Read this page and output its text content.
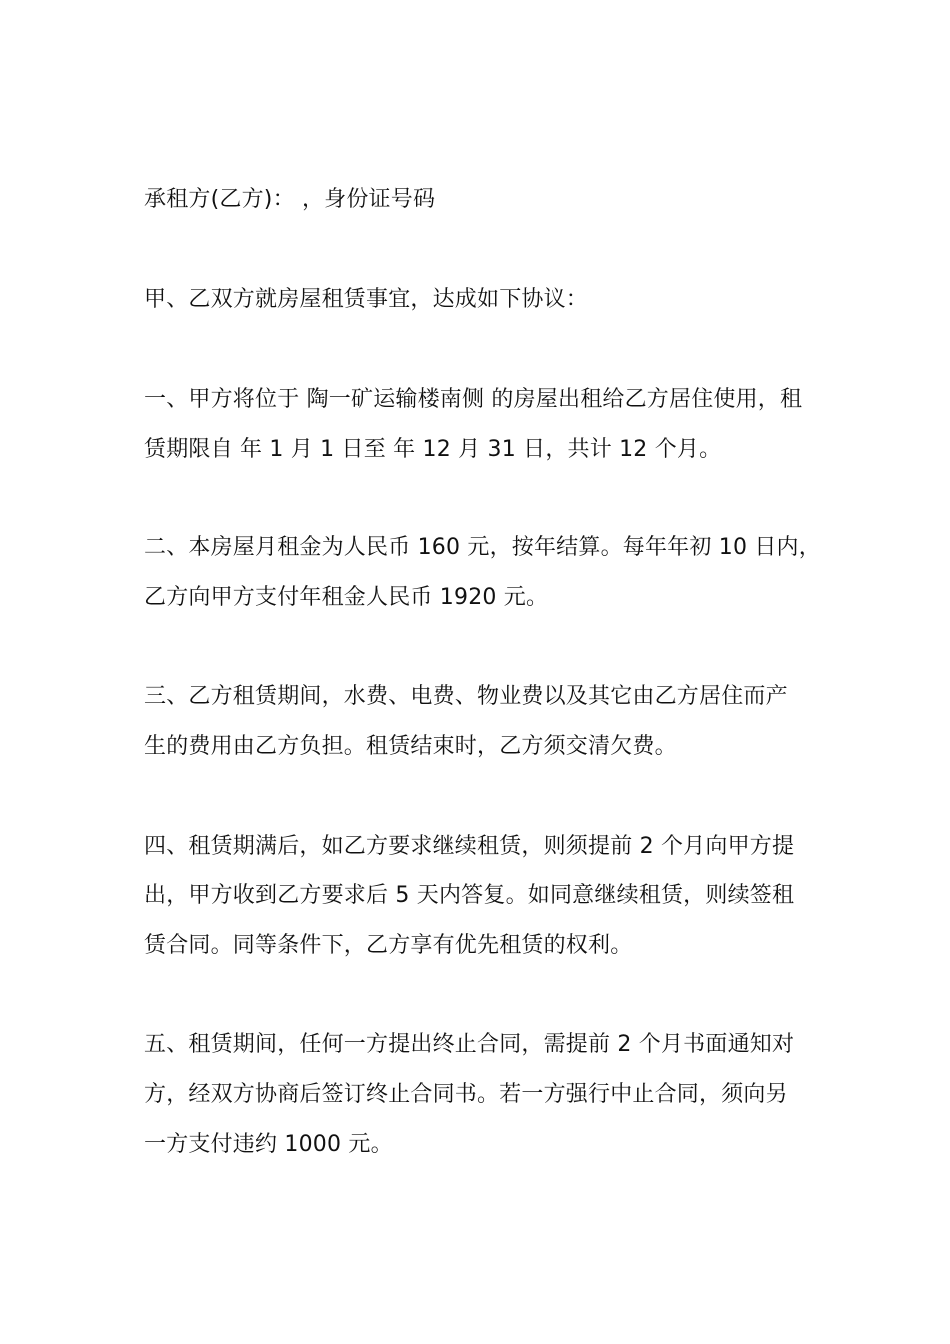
承租方(乙方)： ，身份证号码
甲、乙双方就房屋租赁事宜，达成如下协议：
一、甲方将位于 陶一矿运输楼南侧 的房屋出租给乙方居住使用，租
赁期限自 年 1 月 1 日至 年 12 月 31 日，共计 12 个月。
二、本房屋月租金为人民币 160 元，按年结算。每年年初 10 日内，
乙方向甲方支付年租金人民币 1920 元。
三、乙方租赁期间，水费、电费、物业费以及其它由乙方居住而产
生的费用由乙方负担。租赁结束时，乙方须交清欠费。
四、租赁期满后，如乙方要求继续租赁，则须提前 2 个月向甲方提
出，甲方收到乙方要求后 5 天内答复。如同意继续租赁，则续签租
赁合同。同等条件下，乙方享有优先租赁的权利。
五、租赁期间，任何一方提出终止合同，需提前 2 个月书面通知对
方，经双方协商后签订终止合同书。若一方强行中止合同，须向另
一方支付违约 1000 元。
